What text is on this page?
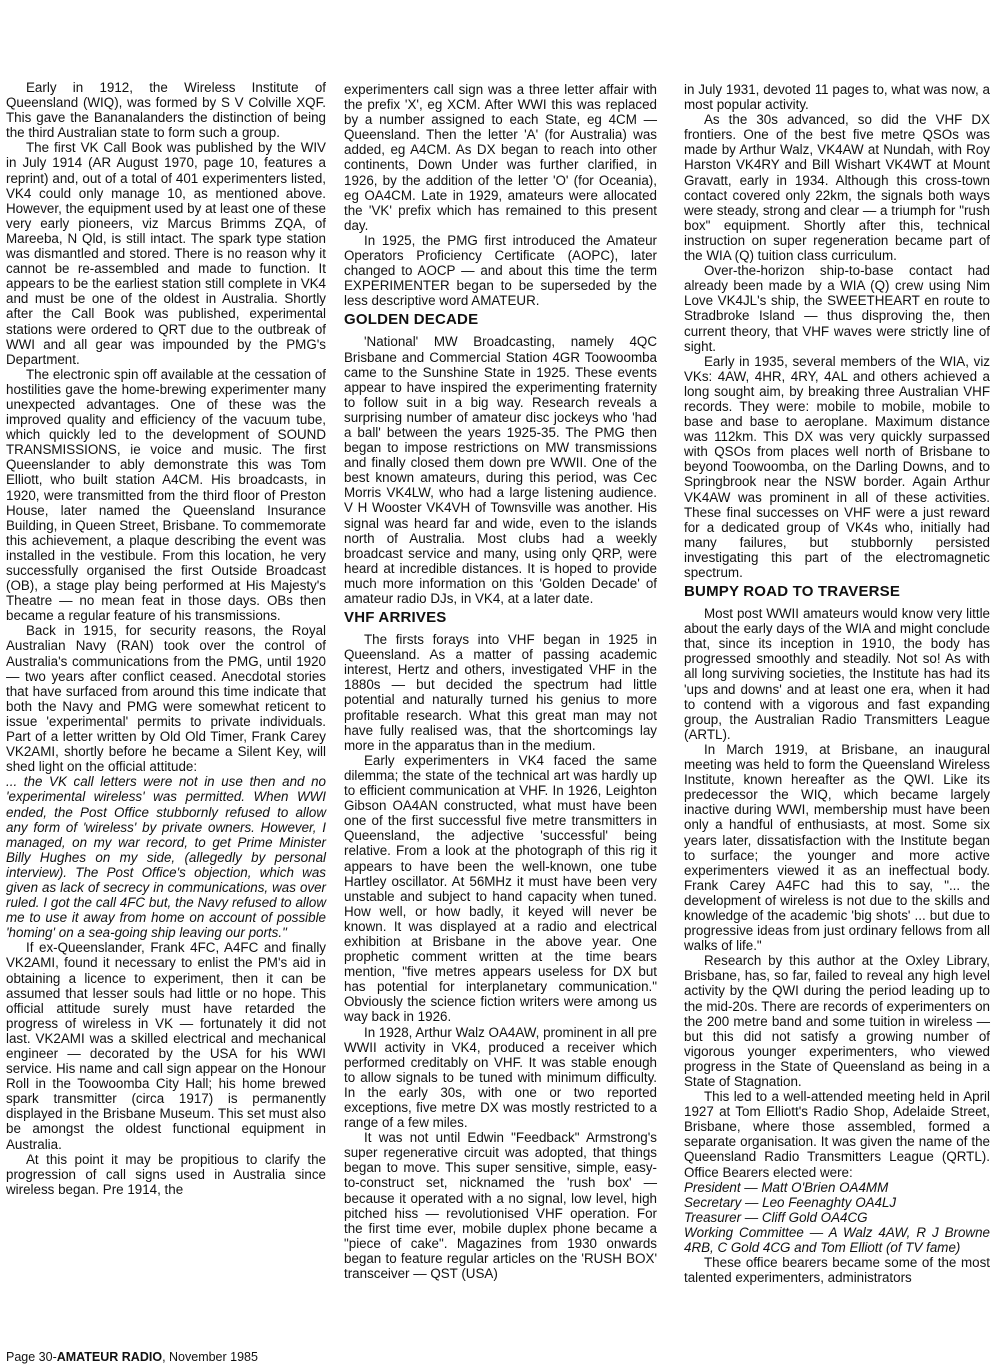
Early in 1912, the Wireless Institute of Queensland (WIQ), was formed by S V Colville XQF. This gave the Bananalanders the distinction of being the third Australian state to form such a group.

The first VK Call Book was published by the WIV in July 1914 (AR August 1970, page 10, features a reprint) and, out of a total of 401 experimenters listed, VK4 could only manage 10, as mentioned above. However, the equipment used by at least one of these very early pioneers, viz Marcus Brimms ZQA, of Mareeba, N Qld, is still intact. The spark type station was dismantled and stored. There is no reason why it cannot be re-assembled and made to function. It appears to be the earliest station still complete in VK4 and must be one of the oldest in Australia. Shortly after the Call Book was published, experimental stations were ordered to QRT due to the outbreak of WWI and all gear was impounded by the PMG's Department.

The electronic spin off available at the cessation of hostilities gave the home-brewing experimenter many unexpected advantages. One of these was the improved quality and efficiency of the vacuum tube, which quickly led to the development of SOUND TRANSMISSIONS, ie voice and music. The first Queenslander to ably demonstrate this was Tom Elliott, who built station A4CM. His broadcasts, in 1920, were transmitted from the third floor of Preston House, later named the Queensland Insurance Building, in Queen Street, Brisbane. To commemorate this achievement, a plaque describing the event was installed in the vestibule. From this location, he very successfully organised the first Outside Broadcast (OB), a stage play being performed at His Majesty's Theatre — no mean feat in those days. OBs then became a regular feature of his transmissions.

Back in 1915, for security reasons, the Royal Australian Navy (RAN) took over the control of Australia's communications from the PMG, until 1920 — two years after conflict ceased. Anecdotal stories that have surfaced from around this time indicate that both the Navy and PMG were somewhat reticent to issue 'experimental' permits to private individuals. Part of a letter written by Old Old Timer, Frank Carey VK2AMI, shortly before he became a Silent Key, will shed light on the official attitude:

... the VK call letters were not in use then and no 'experimental wireless' was permitted. When WWI ended, the Post Office stubbornly refused to allow any form of 'wireless' by private owners. However, I managed, on my war record, to get Prime Minister Billy Hughes on my side, (allegedly by personal interview). The Post Office's objection, which was given as lack of secrecy in communications, was over ruled. I got the call 4FC but, the Navy refused to allow me to use it away from home on account of possible 'homing' on a sea-going ship leaving our ports."

If ex-Queenslander, Frank 4FC, A4FC and finally VK2AMI, found it necessary to enlist the PM's aid in obtaining a licence to experiment, then it can be assumed that lesser souls had little or no hope. This official attitude surely must have retarded the progress of wireless in VK — fortunately it did not last. VK2AMI was a skilled electrical and mechanical engineer — decorated by the USA for his WWI service. His name and call sign appear on the Honour Roll in the Toowoomba City Hall; his home brewed spark transmitter (circa 1917) is permanently displayed in the Brisbane Museum. This set must also be amongst the oldest functional equipment in Australia.

At this point it may be propitious to clarify the progression of call signs used in Australia since wireless began. Pre 1914, the

experimenters call sign was a three letter affair with the prefix 'X', eg XCM. After WWI this was replaced by a number assigned to each State, eg 4CM — Queensland. Then the letter 'A' (for Australia) was added, eg A4CM. As DX began to reach into other continents, Down Under was further clarified, in 1926, by the addition of the letter 'O' (for Oceania), eg OA4CM. Late in 1929, amateurs were allocated the 'VK' prefix which has remained to this present day.

In 1925, the PMG first introduced the Amateur Operators Proficiency Certificate (AOPC), later changed to AOCP — and about this time the term EXPERIMENTER began to be superseded by the less descriptive word AMATEUR.

GOLDEN DECADE

'National' MW Broadcasting, namely 4QC Brisbane and Commercial Station 4GR Toowoomba came to the Sunshine State in 1925. These events appear to have inspired the experimenting fraternity to follow suit in a big way. Research reveals a surprising number of amateur disc jockeys who 'had a ball' between the years 1925-35. The PMG then began to impose restrictions on MW transmissions and finally closed them down pre WWII. One of the best known amateurs, during this period, was Cec Morris VK4LW, who had a large listening audience. V H Wooster VK4VH of Townsville was another. His signal was heard far and wide, even to the islands north of Australia. Most clubs had a weekly broadcast service and many, using only QRP, were heard at incredible distances. It is hoped to provide much more information on this 'Golden Decade' of amateur radio DJs, in VK4, at a later date.

VHF ARRIVES

The firsts forays into VHF began in 1925 in Queensland. As a matter of passing academic interest, Hertz and others, investigated VHF in the 1880s — but decided the spectrum had little potential and naturally turned his genius to more profitable research. What this great man may not have fully realised was, that the shortcomings lay more in the apparatus than in the medium.

Early experimenters in VK4 faced the same dilemma; the state of the technical art was hardly up to efficient communication at VHF. In 1926, Leighton Gibson OA4AN constructed, what must have been one of the first successful five metre transmitters in Queensland, the adjective 'successful' being relative. From a look at the photograph of this rig it appears to have been the well-known, one tube Hartley oscillator. At 56MHz it must have been very unstable and subject to hand capacity when tuned. How well, or how badly, it keyed will never be known. It was displayed at a radio and electrical exhibition at Brisbane in the above year. One prophetic comment written at the time bears mention, "five metres appears useless for DX but has potential for interplanetary communication." Obviously the science fiction writers were among us way back in 1926.

In 1928, Arthur Walz OA4AW, prominent in all pre WWII activity in VK4, produced a receiver which performed creditably on VHF. It was stable enough to allow signals to be tuned with minimum difficulty. In the early 30s, with one or two reported exceptions, five metre DX was mostly restricted to a range of a few miles.

It was not until Edwin "Feedback" Armstrong's super regenerative circuit was adopted, that things began to move. This super sensitive, simple, easy-to-construct set, nicknamed the 'rush box' — because it operated with a no signal, low level, high pitched hiss — revolutionised VHF operation. For the first time ever, mobile duplex phone became a "piece of cake". Magazines from 1930 onwards began to feature regular articles on the 'RUSH BOX' transceiver — QST (USA)

in July 1931, devoted 11 pages to, what was now, a most popular activity.

As the 30s advanced, so did the VHF DX frontiers. One of the best five metre QSOs was made by Arthur Walz, VK4AW at Nundah, with Roy Harston VK4RY and Bill Wishart VK4WT at Mount Gravatt, early in 1934. Although this cross-town contact covered only 22km, the signals both ways were steady, strong and clear — a triumph for "rush box" equipment. Shortly after this, technical instruction on super regeneration became part of the WIA (Q) tuition class curriculum.

Over-the-horizon ship-to-base contact had already been made by a WIA (Q) crew using Nim Love VK4JL's ship, the SWEETHEART en route to Stradbroke Island — thus disproving the, then current theory, that VHF waves were strictly line of sight.

Early in 1935, several members of the WIA, viz VKs: 4AW, 4HR, 4RY, 4AL and others achieved a long sought aim, by breaking three Australian VHF records. They were: mobile to mobile, mobile to base and base to aeroplane. Maximum distance was 112km. This DX was very quickly surpassed with QSOs from places well north of Brisbane to beyond Toowoomba, on the Darling Downs, and to Springbrook near the NSW border. Again Arthur VK4AW was prominent in all of these activities. These final successes on VHF were a just reward for a dedicated group of VK4s who, initially had many failures, but stubbornly persisted investigating this part of the electromagnetic spectrum.

BUMPY ROAD TO TRAVERSE

Most post WWII amateurs would know very little about the early days of the WIA and might conclude that, since its inception in 1910, the body has progressed smoothly and steadily. Not so! As with all long surviving societies, the Institute has had its 'ups and downs' and at least one era, when it had to contend with a vigorous and fast expanding group, the Australian Radio Transmitters League (ARTL).

In March 1919, at Brisbane, an inaugural meeting was held to form the Queensland Wireless Institute, known hereafter as the QWI. Like its predecessor the WIQ, which became largely inactive during WWI, membership must have been only a handful of enthusiasts, at most. Some six years later, dissatisfaction with the Institute began to surface; the younger and more active experimenters viewed it as an ineffectual body. Frank Carey A4FC had this to say, "... the development of wireless is not due to the skills and knowledge of the academic 'big shots' ... but due to progressive ideas from just ordinary fellows from all walks of life."

Research by this author at the Oxley Library, Brisbane, has, so far, failed to reveal any high level activity by the QWI during the period leading up to the mid-20s. There are records of experimenters on the 200 metre band and some tuition in wireless — but this did not satisfy a growing number of vigorous younger experimenters, who viewed progress in the State of Queensland as being in a State of Stagnation.

This led to a well-attended meeting held in April 1927 at Tom Elliott's Radio Shop, Adelaide Street, Brisbane, where those assembled, formed a separate organisation. It was given the name of the Queensland Radio Transmitters League (QRTL). Office Bearers elected were:

President — Matt O'Brien OA4MM

Secretary — Leo Feenaghty OA4LJ

Treasurer — Cliff Gold OA4CG

Working Committee — A Walz 4AW, R J Browne 4RB, C Gold 4CG and Tom Elliott (of TV fame)

These office bearers became some of the most talented experimenters, administrators

Page 30-AMATEUR RADIO, November 1985
